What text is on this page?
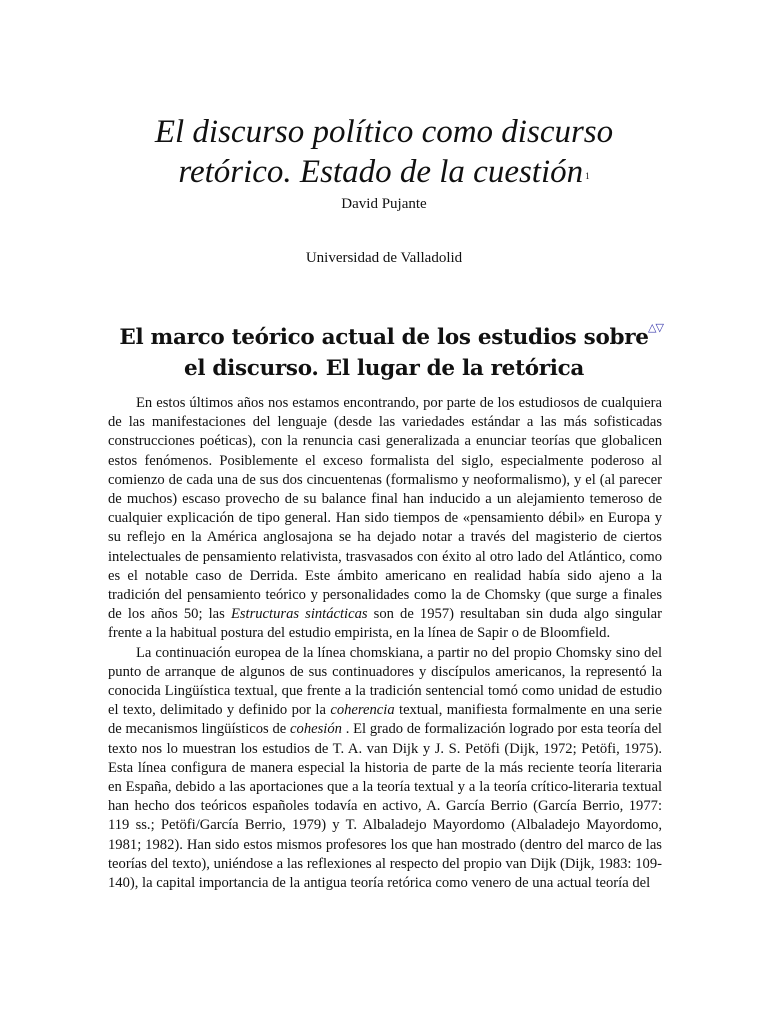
El discurso político como discurso
retórico. Estado de la cuestión $^1$
David Pujante
Universidad de Valladolid
El marco teórico actual de los estudios sobre
el discurso. El lugar de la retórica
△▽

En estos últimos años nos estamos encontrando, por parte de los estudiosos de cualquiera de las manifestaciones del lenguaje (desde las variedades estándar a las más sofisticadas construcciones poéticas), con la renuncia casi generalizada a enunciar teorías que globalicen estos fenómenos. Posiblemente el exceso formalista del siglo, especialmente poderoso al comienzo de cada una de sus dos cincuentenas (formalismo y neoformalismo), y el (al parecer de muchos) escaso provecho de su balance final han inducido a un alejamiento temeroso de cualquier explicación de tipo general. Han sido tiempos de «pensamiento débil» en Europa y su reflejo en la América anglosajona se ha dejado notar a través del magisterio de ciertos intelectuales de pensamiento relativista, trasvasados con éxito al otro lado del Atlántico, como es el notable caso de Derrida. Este ámbito americano en realidad había sido ajeno a la tradición del pensamiento teórico y personalidades como la de Chomsky (que surge a finales de los años 50; las Estructuras sintácticas son de 1957) resultaban sin duda algo singular frente a la habitual postura del estudio empirista, en la línea de Sapir o de Bloomfield.

La continuación europea de la línea chomskiana, a partir no del propio Chomsky sino del punto de arranque de algunos de sus continuadores y discípulos americanos, la representó la conocida Lingüística textual, que frente a la tradición sentencial tomó como unidad de estudio el texto, delimitado y definido por la coherencia textual, manifiesta formalmente en una serie de mecanismos lingüísticos de cohesión . El grado de formalización logrado por esta teoría del texto nos lo muestran los estudios de T. A. van Dijk y J. S. Petöfi (Dijk, 1972; Petöfi, 1975). Esta línea configura de manera especial la historia de parte de la más reciente teoría literaria en España, debido a las aportaciones que a la teoría textual y a la teoría crítico-literaria textual han hecho dos teóricos españoles todavía en activo, A. García Berrio (García Berrio, 1977: 119 ss.; Petöfi/García Berrio, 1979) y T. Albaladejo Mayordomo (Albaladejo Mayordomo, 1981; 1982). Han sido estos mismos profesores los que han mostrado (dentro del marco de las teorías del texto), uniéndose a las reflexiones al respecto del propio van Dijk (Dijk, 1983: 109-140), la capital importancia de la antigua teoría retórica como venero de una actual teoría del
